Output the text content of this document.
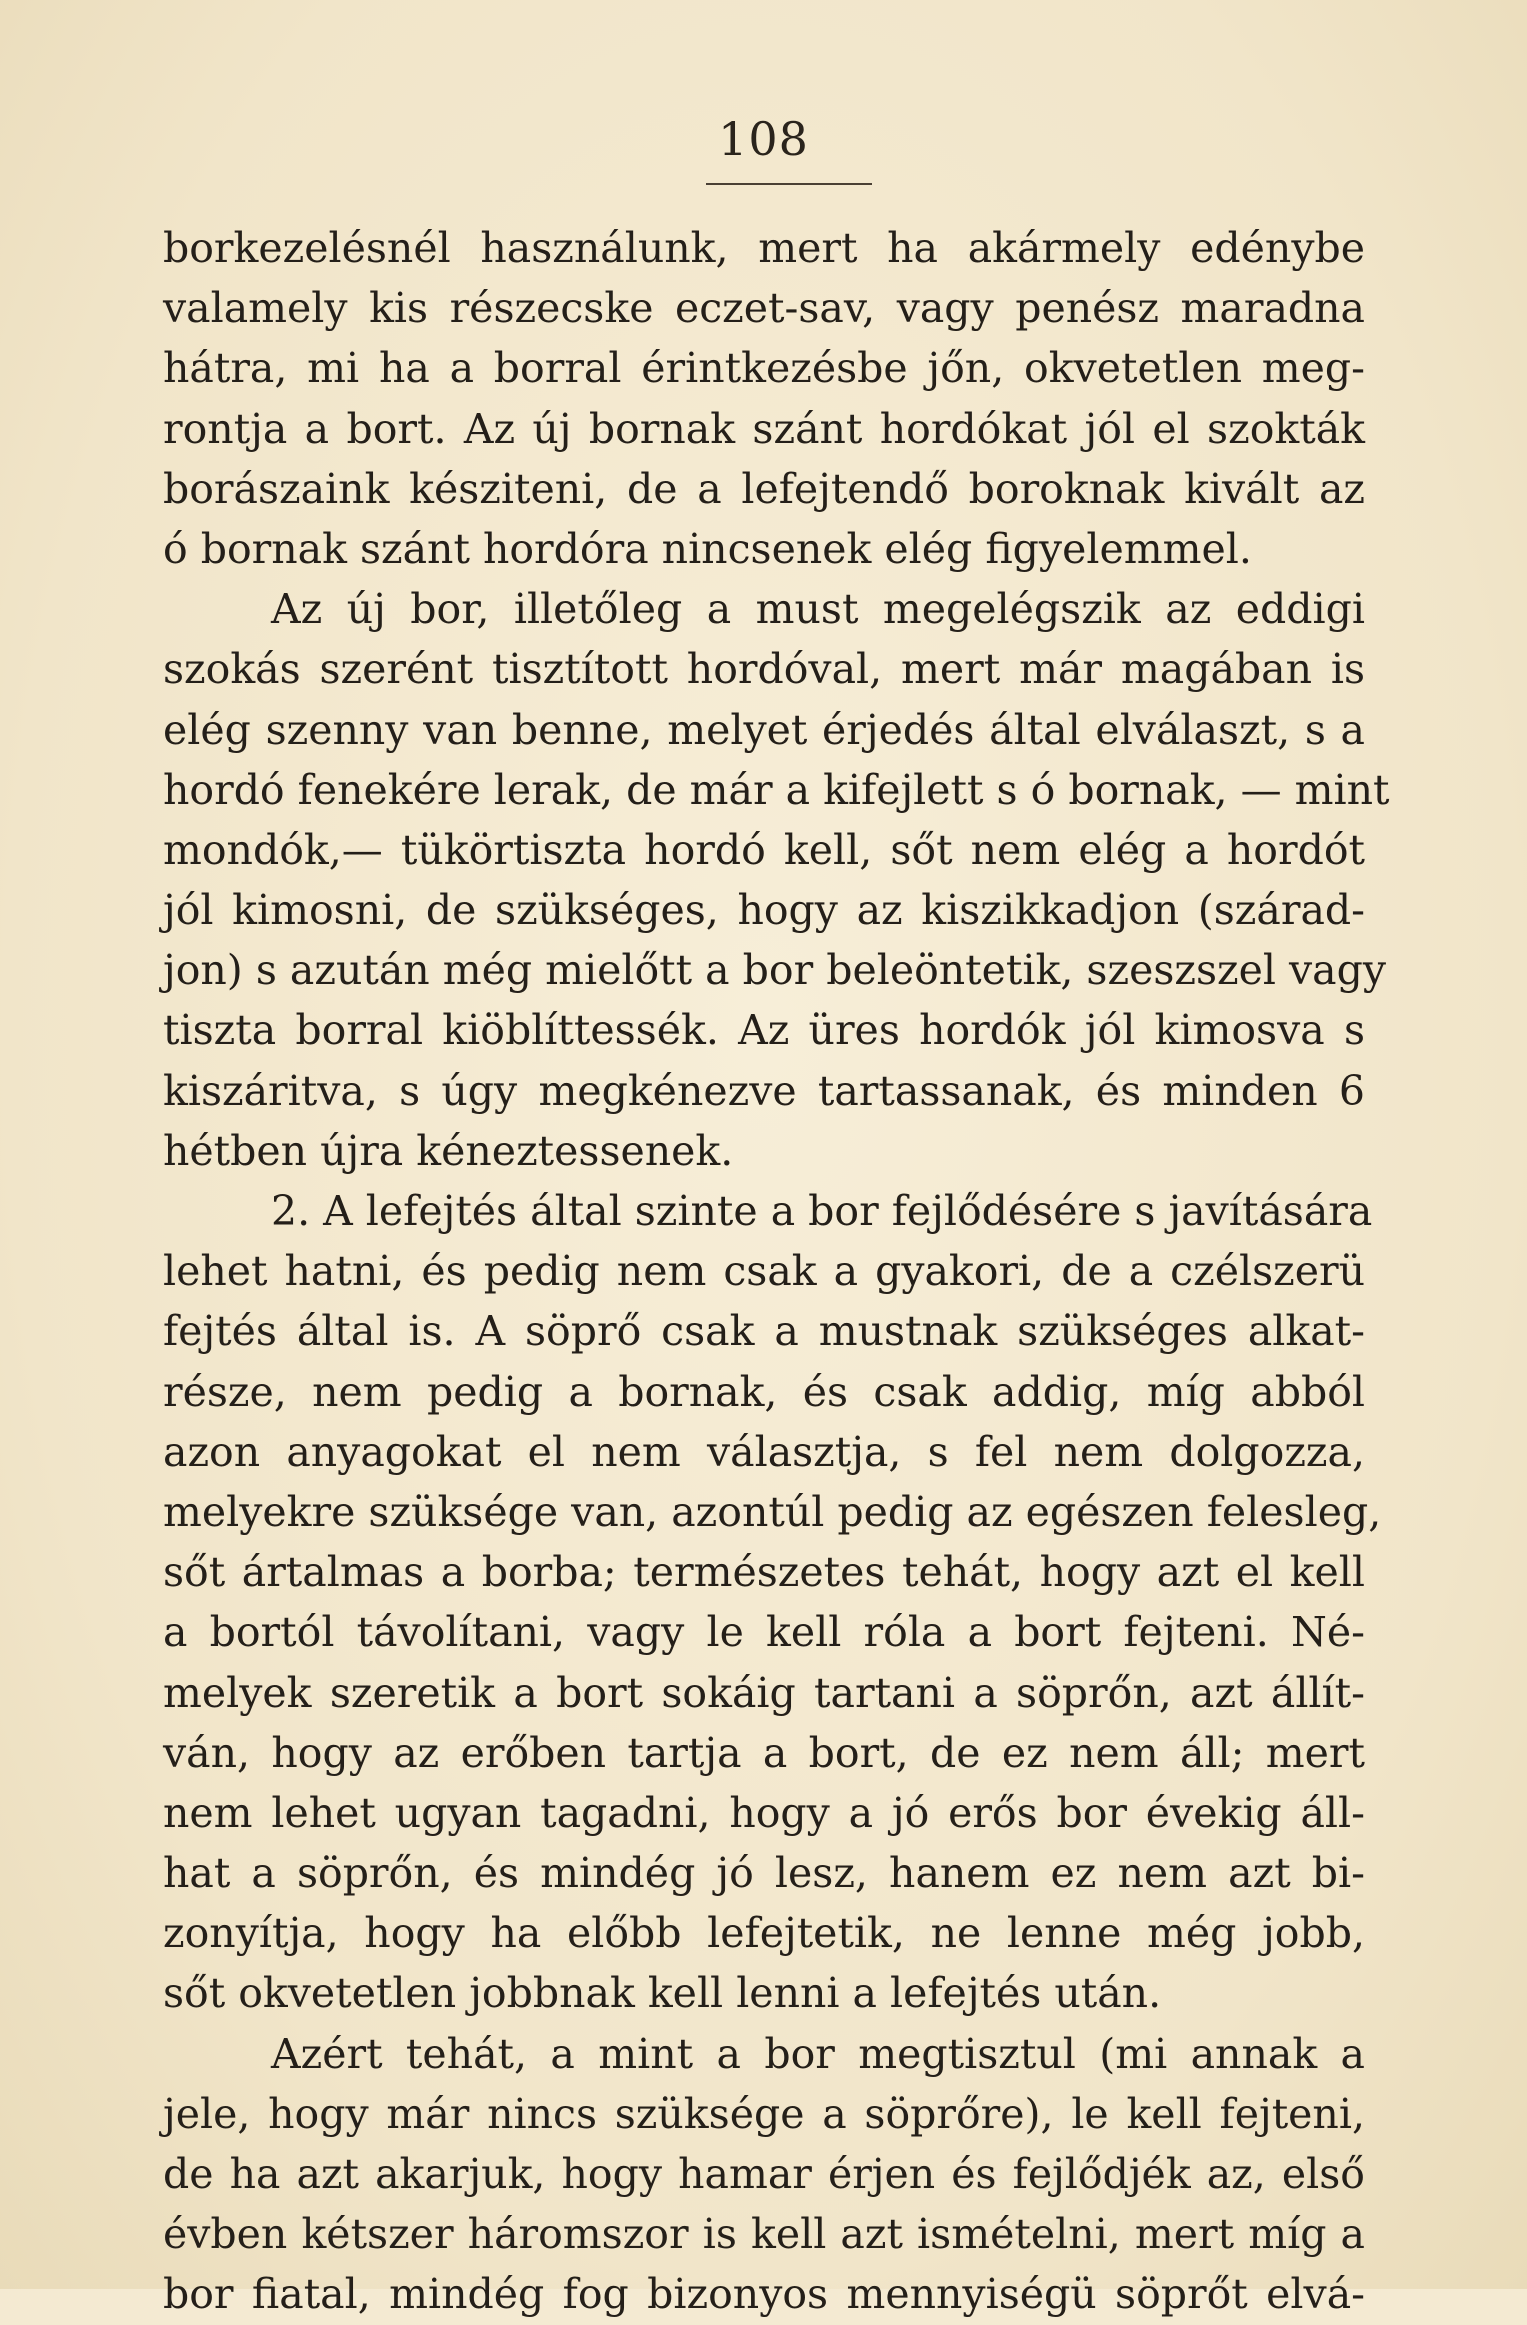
108
borkezelésnél használunk, mert ha akármely edénybe
valamely kis részecske eczet-sav, vagy penész maradna
hátra, mi ha a borral érintkezésbe jőn, okvetetlen meg-
rontja a bort. Az új bornak szánt hordókat jól el szokták
borászaink késziteni, de a lefejtendő boroknak kivált az
ó bornak szánt hordóra nincsenek elég figyelemmel.
Az új bor, illetőleg a must megelégszik az eddigi
szokás szerént tisztított hordóval, mert már magában is
elég szenny van benne, melyet érjedés által elválaszt, s a
hordó fenekére lerak, de már a kifejlett s ó bornak, — mint
mondók,— tükörtiszta hordó kell, sőt nem elég a hordót
jól kimosni, de szükséges, hogy az kiszikkadjon (szárad-
jon) s azután még mielőtt a bor beleöntetik, szeszszel vagy
tiszta borral kiöblíttessék. Az üres hordók jól kimosva s
kiszáritva, s úgy megkénezve tartassanak, és minden 6
hétben újra kéneztessenek.
2. A lefejtés által szinte a bor fejlődésére s javítására
lehet hatni, és pedig nem csak a gyakori, de a czélszerü
fejtés által is. A söprő csak a mustnak szükséges alkat-
része, nem pedig a bornak, és csak addig, míg abból
azon anyagokat el nem választja, s fel nem dolgozza,
melyekre szüksége van, azontúl pedig az egészen felesleg,
sőt ártalmas a borba; természetes tehát, hogy azt el kell
a bortól távolítani, vagy le kell róla a bort fejteni. Né-
melyek szeretik a bort sokáig tartani a söprőn, azt állít-
ván, hogy az erőben tartja a bort, de ez nem áll; mert
nem lehet ugyan tagadni, hogy a jó erős bor évekig áll-
hat a söprőn, és mindég jó lesz, hanem ez nem azt bi-
zonyítja, hogy ha előbb lefejtetik, ne lenne még jobb,
sőt okvetetlen jobbnak kell lenni a lefejtés után.
Azért tehát, a mint a bor megtisztul (mi annak a
jele, hogy már nincs szüksége a söprőre), le kell fejteni,
de ha azt akarjuk, hogy hamar érjen és fejlődjék az, első
évben kétszer háromszor is kell azt ismételni, mert míg a
bor fiatal, mindég fog bizonyos mennyiségü söprőt elvá-
